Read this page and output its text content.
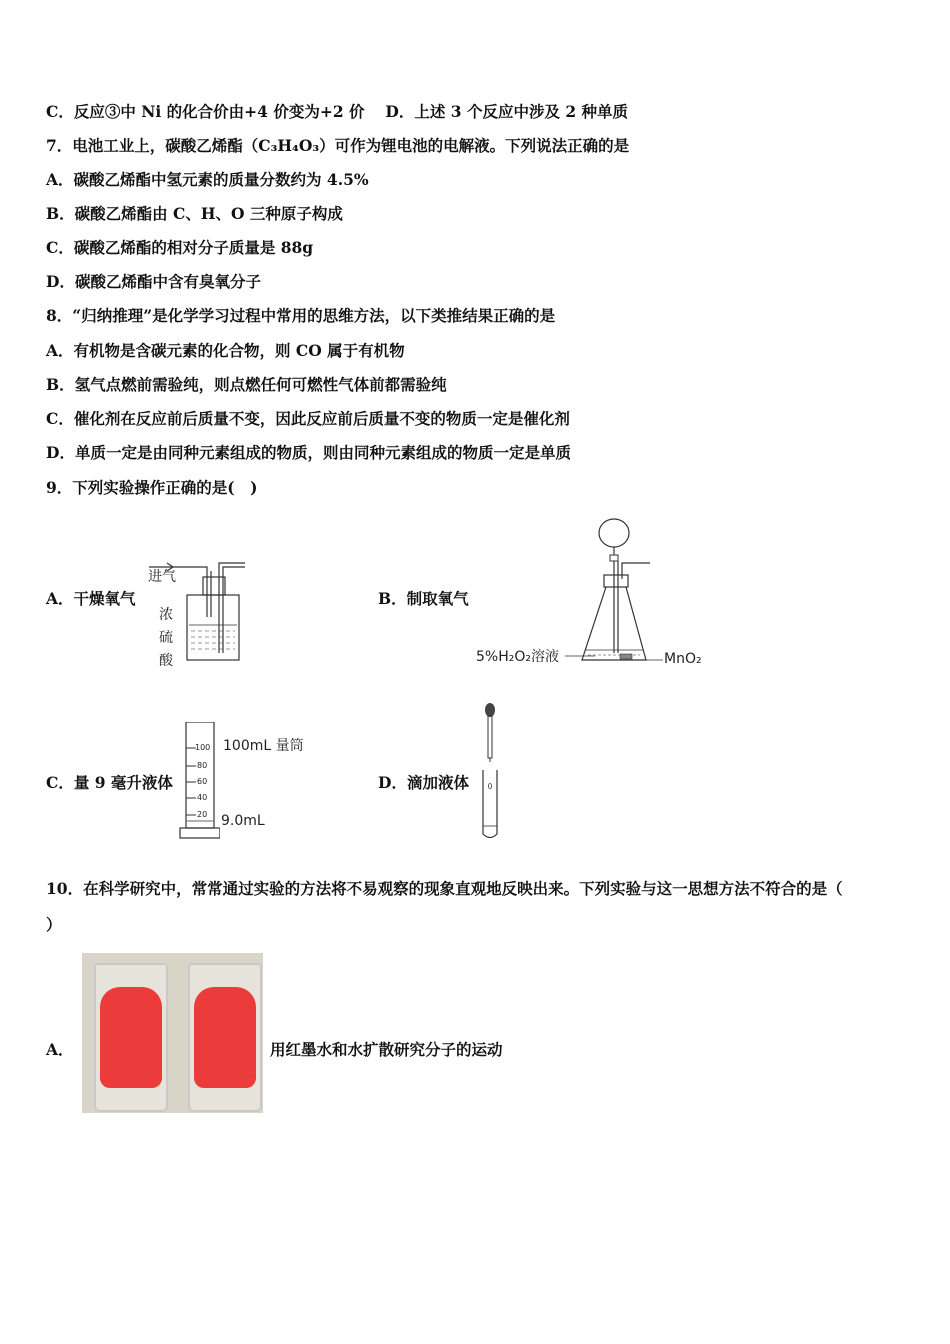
C．反应③中 Ni 的化合价由+4 价变为+2 价　 D．上述 3 个反应中涉及 2 种单质
7．电池工业上，碳酸乙烯酯（C₃H₄O₃）可作为锂电池的电解液。下列说法正确的是
A．碳酸乙烯酯中氢元素的质量分数约为 4.5%
B．碳酸乙烯酯由 C、H、O 三种原子构成
C．碳酸乙烯酯的相对分子质量是 88g
D．碳酸乙烯酯中含有臭氧分子
8．“归纳推理”是化学学习过程中常用的思维方法，以下类推结果正确的是
A．有机物是含碳元素的化合物，则 CO 属于有机物
B．氢气点燃前需验纯，则点燃任何可燃性气体前都需验纯
C．催化剂在反应前后质量不变，因此反应前后质量不变的物质一定是催化剂
D．单质一定是由同种元素组成的物质，则由同种元素组成的物质一定是单质
9．下列实验操作正确的是(　)
A．干燥氧气	B．制取氧气
C．量 9 毫升液体	D．滴加液体
进气
浓
硫
酸	5%H₂O₂溶液	MnO₂
100
80
60
40
20
100mL 量筒
9.0mL
10．在科学研究中，常常通过实验的方法将不易观察的现象直观地反映出来。下列实验与这一思想方法不符合的是（
）
A．	用红墨水和水扩散研究分子的运动
